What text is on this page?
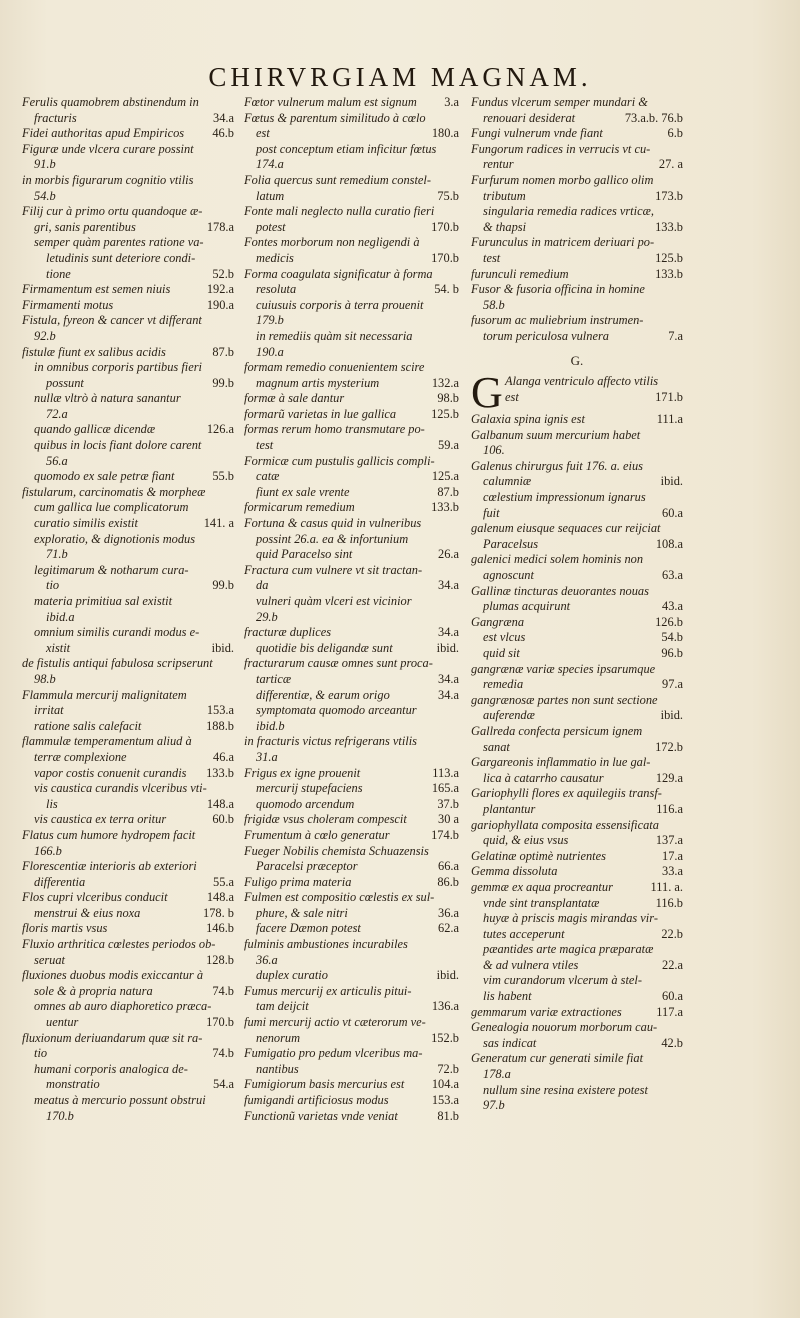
CHIRVRGIAM MAGNAM.
Ferulis quamobrem abstinendum in
fracturis	34.a
Fidei authoritas apud Empiricos	46.b
Figuræ unde vlcera curare possint
91.b
in morbis figurarum cognitio vtilis
54.b
Filij cur à primo ortu quandoque æ-
gri, sanis parentibus	178.a
semper quàm parentes ratione va-
letudinis sunt deteriore condi-
tione	52.b
Firmamentum est semen niuis	192.a
Firmamenti motus	190.a
Fistula, fyreon & cancer vt differant
92.b
fistulæ fiunt ex salibus acidis	87.b
in omnibus corporis partibus fieri
possunt	99.b
nullæ vltrò à natura sanantur
72.a
quando gallicæ dicendæ	126.a
quibus in locis fiant dolore carent
56.a
quomodo ex sale petræ fiant	55.b
fistularum, carcinomatis & morpheæ
cum gallica lue complicatorum
curatio similis existit	141. a
exploratio, & dignotionis modus
71.b
legitimarum & notharum cura-
tio	99.b
materia primitiua sal existit
ibid.a
omnium similis curandi modus e-
xistit	ibid.
de fistulis antiqui fabulosa scripserunt
98.b
Flammula mercurij malignitatem
irritat	153.a
ratione salis calefacit	188.b
flammulæ temperamentum aliud à
terræ complexione	46.a
vapor costis conuenit curandis	133.b
vis caustica curandis vlceribus vti-
lis	148.a
vis caustica ex terra oritur	60.b
Flatus cum humore hydropem facit
166.b
Florescentiæ interioris ab exteriori
differentia	55.a
Flos cupri vlceribus conducit	148.a
menstrui & eius noxa	178. b
floris martis vsus	146.b
Fluxio arthritica cœlestes periodos ob-
seruat	128.b
fluxiones duobus modis exiccantur à
sole & à propria natura	74.b
omnes ab auro diaphoretico præca-
uentur	170.b
fluxionum deriuandarum quæ sit ra-
tio	74.b
humani corporis analogica de-
monstratio	54.a
meatus à mercurio possunt obstrui
170.b
Fœtor vulnerum malum est signum	3.a
Fœtus & parentum similitudo à cœlo
est	180.a
post conceptum etiam inficitur fœtus
174.a
Folia quercus sunt remedium constel-
latum	75.b
Fonte mali neglecto nulla curatio fieri
potest	170.b
Fontes morborum non negligendi à
medicis	170.b
Forma coagulata significatur à forma
resoluta	54. b
cuiusuis corporis à terra prouenit
179.b
in remediis quàm sit necessaria
190.a
formam remedio conuenientem scire
magnum artis mysterium	132.a
formæ à sale dantur	98.b
formarũ varietas in lue gallica	125.b
formas rerum homo transmutare po-
test	59.a
Formicæ cum pustulis gallicis compli-
catæ	125.a
fiunt ex sale vrente	87.b
formicarum remedium	133.b
Fortuna & casus quid in vulneribus
possint 26.a. ea & infortunium
quid Paracelso sint	26.a
Fractura cum vulnere vt sit tractan-
da	34.a
vulneri quàm vlceri est vicinior
29.b
fracturæ duplices	34.a
quotidie bis deligandæ sunt	ibid.
fracturarum causæ omnes sunt proca-
tarticæ	34.a
differentiæ, & earum origo	34.a
symptomata quomodo arceantur
ibid.b
in fracturis victus refrigerans vtilis
31.a
Frigus ex igne prouenit	113.a
mercurij stupefaciens	165.a
quomodo arcendum	37.b
frigidæ vsus choleram compescit	30 a
Frumentum à cœlo generatur	174.b
Fueger Nobilis chemista Schuazensis
Paracelsi præceptor	66.a
Fuligo prima materia	86.b
Fulmen est compositio cœlestis ex sul-
phure, & sale nitri	36.a
facere Dæmon potest	62.a
fulminis ambustiones incurabiles
36.a
duplex curatio	ibid.
Fumus mercurij ex articulis pitui-
tam deijcit	136.a
fumi mercurij actio vt cæterorum ve-
nenorum	152.b
Fumigatio pro pedum vlceribus ma-
nantibus	72.b
Fumigiorum basis mercurius est	104.a
fumigandi artificiosus modus	153.a
Functionũ varietas vnde veniat	81.b
Fundus vlcerum semper mundari &
renouari desiderat	73.a.b. 76.b
Fungi vulnerum vnde fiant	6.b
Fungorum radices in verrucis vt cu-
rentur	27. a
Furfurum nomen morbo gallico olim
tributum	173.b
singularia remedia radices vrticæ,
& thapsi	133.b
Furunculus in matricem deriuari po-
test	125.b
furunculi remedium	133.b
Fusor & fusoria officina in homine
58.b
fusorum ac muliebrium instrumen-
torum periculosa vulnera	7.a
G.
G Alanga ventriculo affecto vtilis
est	171.b
Galaxia spina ignis est	111.a
Galbanum suum mercurium habet
106.
Galenus chirurgus fuit 176. a. eius
calumniæ	ibid.
cœlestium impressionum ignarus
fuit	60.a
galenum eiusque sequaces cur reijciat
Paracelsus	108.a
galenici medici solem hominis non
agnoscunt	63.a
Gallinæ tincturas deuorantes nouas
plumas acquirunt	43.a
Gangræna	126.b
est vlcus	54.b
quid sit	96.b
gangrænæ variæ species ipsarumque
remedia	97.a
gangrænosæ partes non sunt sectione
auferendæ	ibid.
Gallreda confecta persicum ignem
sanat	172.b
Gargareonis inflammatio in lue gal-
lica à catarrho causatur	129.a
Gariophylli flores ex aquilegiis transf-
plantantur	116.a
gariophyllata composita essensificata
quid, & eius vsus	137.a
Gelatinæ optimè nutrientes	17.a
Gemma dissoluta	33.a
gemmæ ex aqua procreantur	111. a.
vnde sint transplantatæ	116.b
huyæ à priscis magis mirandas vir-
tutes acceperunt	22.b
pæantides arte magica præparatæ
& ad vulnera vtiles	22.a
vim curandorum vlcerum à stel-
lis habent	60.a
gemmarum variæ extractiones	117.a
Genealogia nouorum morborum cau-
sas indicat	42.b
Generatum cur generati simile fiat
178.a
nullum sine resina existere potest
97.b
